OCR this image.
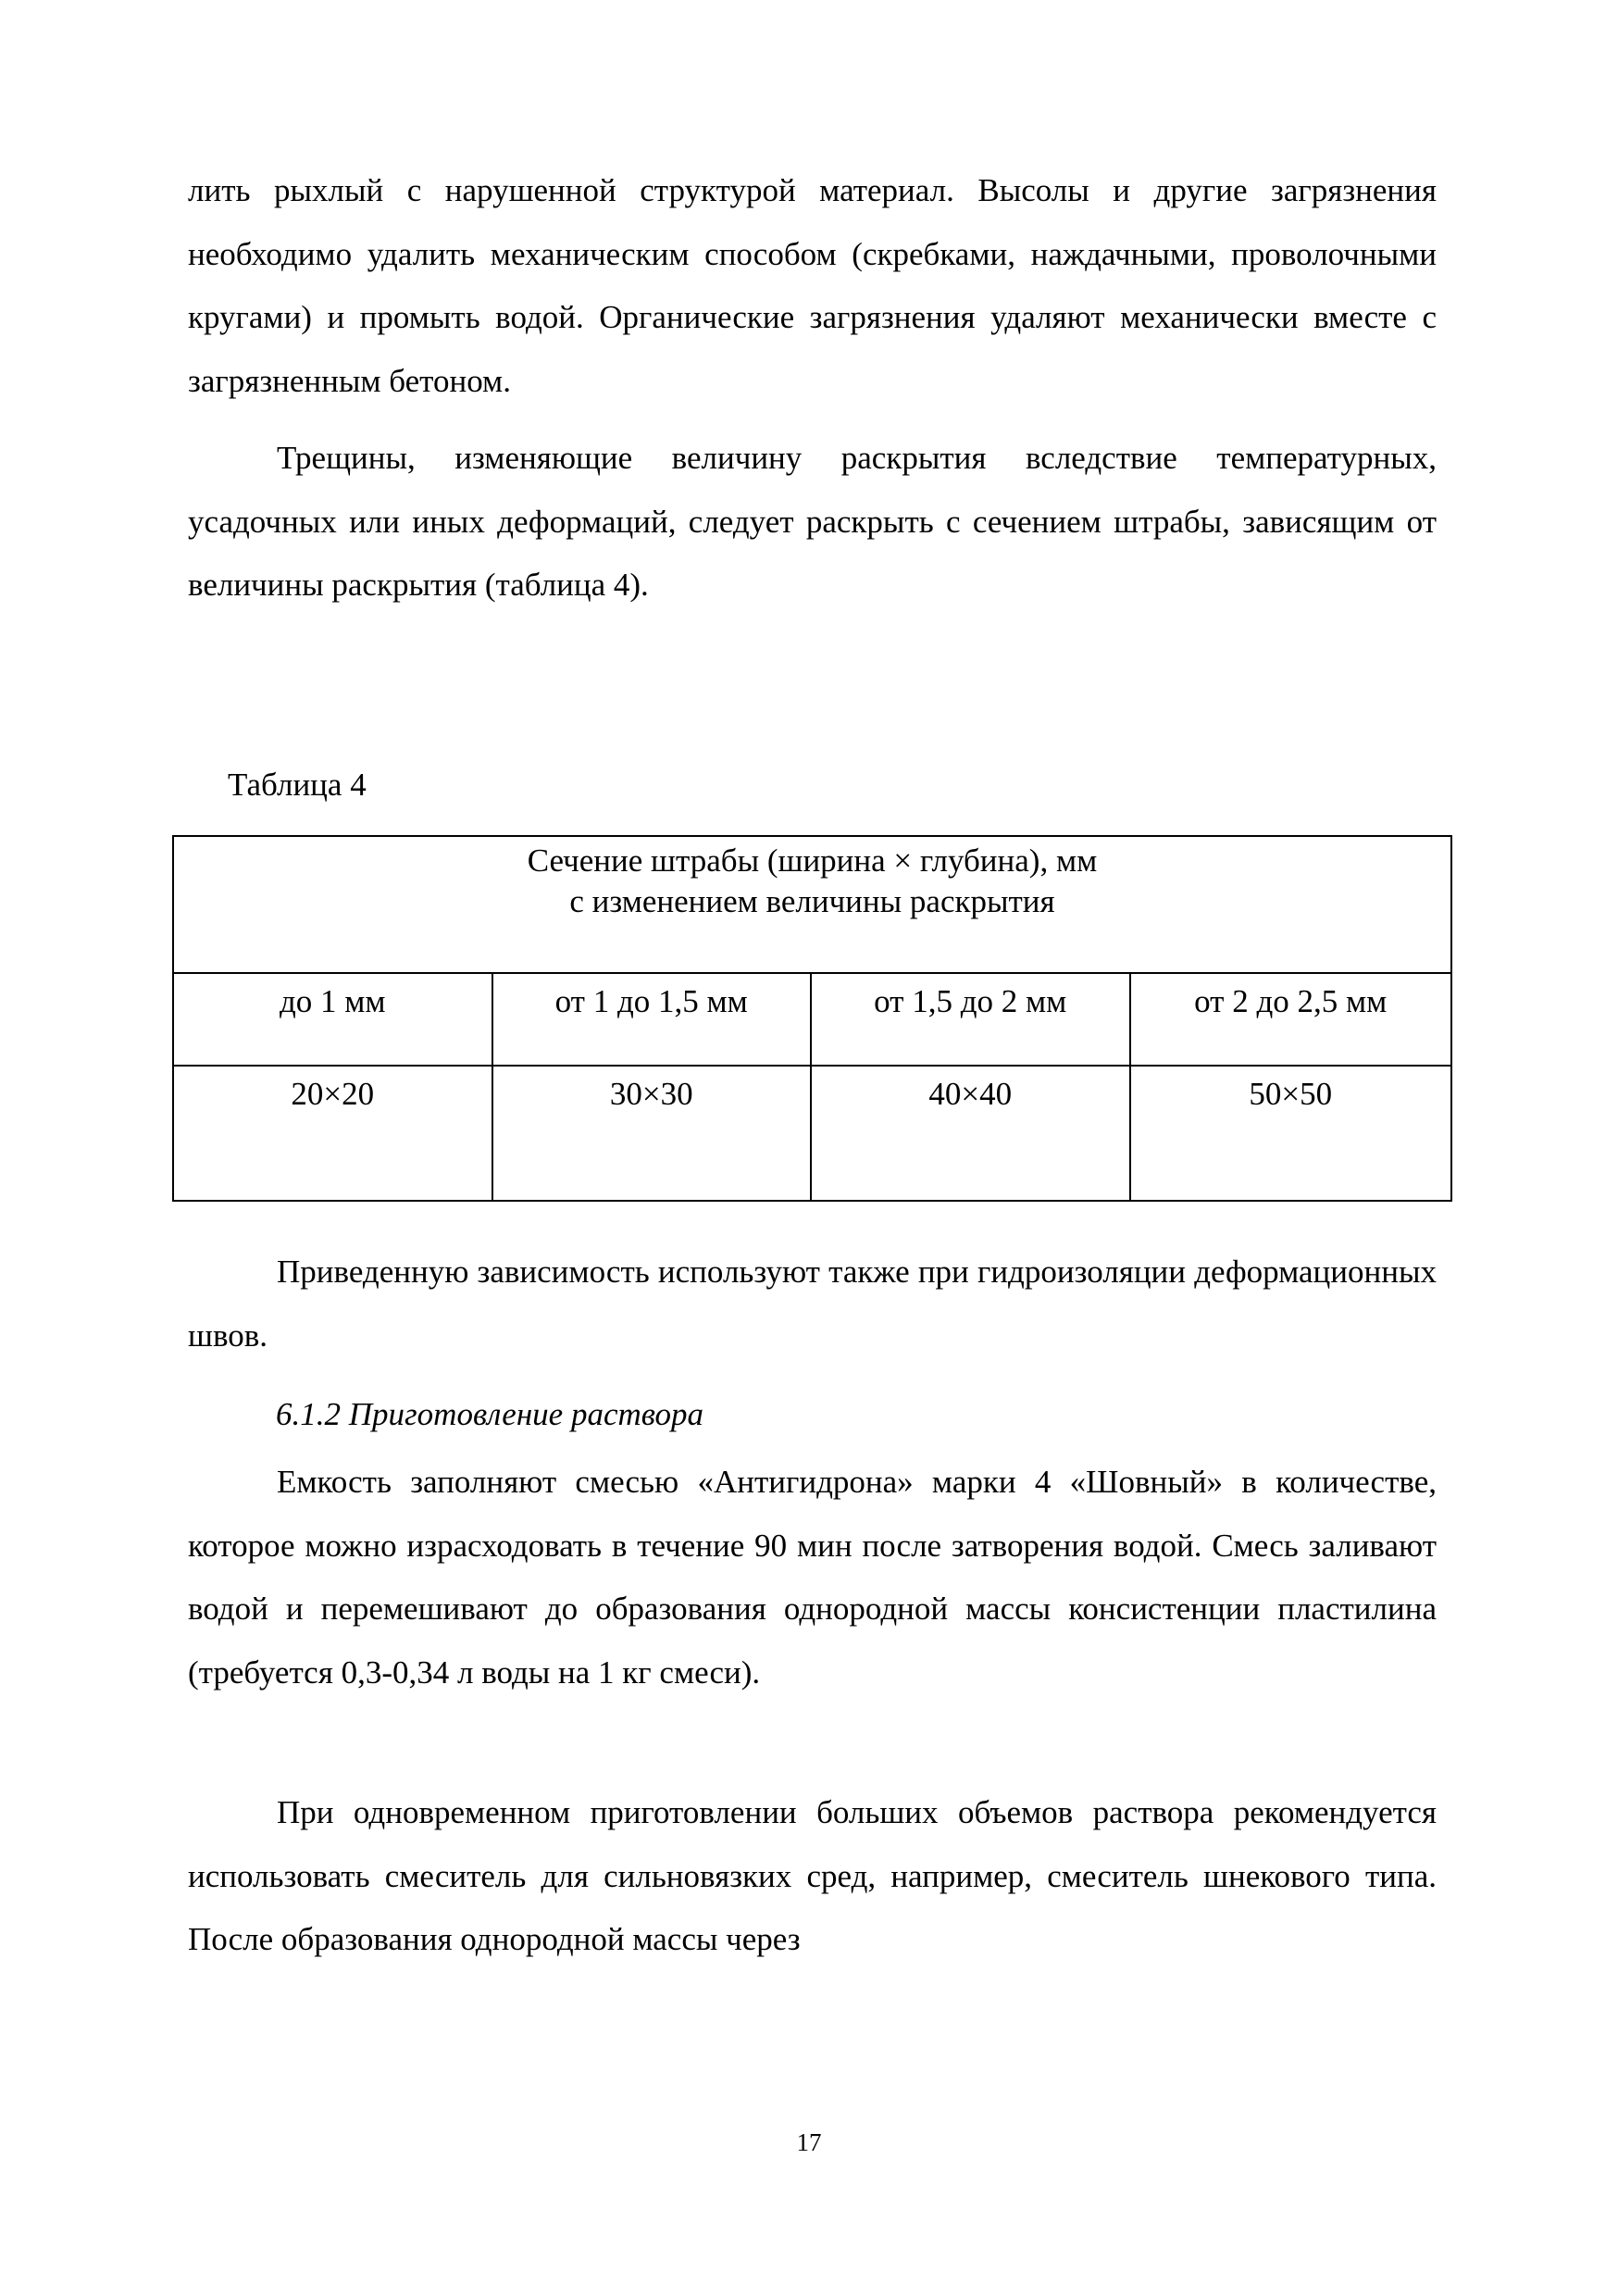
лить рыхлый с нарушенной структурой материал. Высолы и другие загрязнения необходимо удалить механическим способом (скребками, наждачными, проволочными кругами) и промыть водой. Органические загрязнения удаляют механически вместе с загрязненным бетоном.

Трещины, изменяющие величину раскрытия вследствие температурных, усадочных или иных деформаций, следует раскрыть с сечением штрабы, зависящим от величины раскрытия (таблица 4).

Таблица 4

Сечение штрабы (ширина × глубина), мм
с изменением величины раскрытия			

до 1 мм	от 1 до 1,5 мм	от 1,5 до 2 мм	от 2 до 2,5 мм
20×20	30×30	40×40	50×50

Приведенную зависимость используют также при гидроизоляции деформационных швов.

6.1.2 Приготовление раствора

Емкость заполняют смесью «Антигидрона» марки 4 «Шовный» в количестве, которое можно израсходовать в течение 90 мин после затворения водой. Смесь заливают водой и перемешивают до образования однородной массы консистенции пластилина (требуется 0,3-0,34 л воды на 1 кг смеси).

При одновременном приготовлении больших объемов раствора рекомендуется использовать смеситель для сильновязких сред, например, смеситель шнекового типа. После образования однородной массы через

17
